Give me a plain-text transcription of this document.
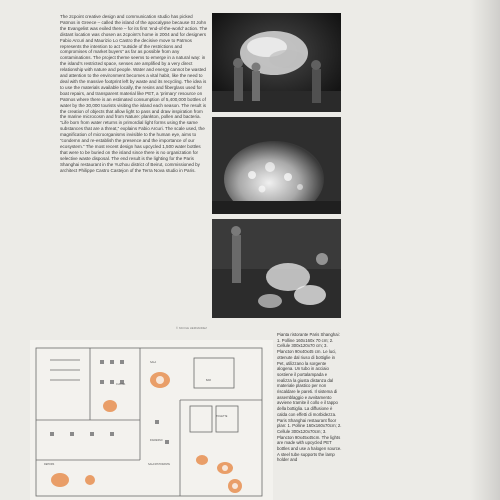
The 2cpoint creative design and communication studio has picked Patmos in Greece – called the island of the apocalypse because St John the Evangelist was exiled there – for its first ‘end-of-the-world’ action. The distant location was chosen as 2cpoint’s home in 2004 and for designers Fabio Arcuri and Maurizio Lo Castro the decisive move to Patmos represents the intention to act “outside of the restrictions and compromises of market buyers” as far as possible from any contaminations. The project theme seems to emerge in a natural way: in the island’s restricted space, senses are amplified by a very direct relationship with nature and people. Water and energy cannot be wasted and attention to the environment becomes a vital habit, like the need to deal with the massive footprint left by waste and its recycling. The idea is to use the materials available locally, the resins and fiberglass used for boat repairs, and transparent material like PET, a ‘primary’ resource on Patmos where there is an estimated consumption of 5,400,000 bottles of water by the 30,000 tourists visiting the island each season. The result is the creation of objects that allow light to pass and draw inspiration from the marine microcosm and from Nature: plankton, pollen and bacteria. “Life born from water returns in primordial light forms using the same substances that are a threat,” explains Fabio Arcuri. The scale used, the magnification of microorganisms invisible to the human eye, aims to “condemn and re-establish the presence and the importance of our ecosystem.” The most recent design has upcycled 1,500 water bottles that were to be buried on the island since there is no organization for selective waste disposal. The end result is the lighting for the Paris Shanghai restaurant in the Yuzhou district of Beirut, commissioned by architect Philippe Castro Castejon of the Terra Nova studio in Paris.

© NICOLE HERNANDEZ
CUCINA
SALA
INGRESSO
BAR
TOILETTE
SALA RISTORANTE
DEHORS
Pianta ristorante Paris Shanghai: 1. Polline 160x160x 70 cm; 2. Cellule 300x120x70 cm; 3. Plancton 90x40x45 cm. Le luci, ottenute dal riuso di bottiglie in Pet, utilizzano la sorgente alogena. Un tubo in acciaio sostiene il portalampada e realizza la giusta distanza dal materiale plastico per non riscaldare le pareti. Il sistema di assemblaggio e avvitamento avviene tramite il collo e il tappo della bottiglia. La diffusione è calda con effetti di morbidezza.
Paris Shanghai restaurant floor plan: 1. Polline 160x160x70cm; 2. Cellule 300x120x70cm; 3. Plancton 90x45x45cm. The lights are made with upcycled PET bottles and use a halogen source. A steel tube supports the lamp holder and
